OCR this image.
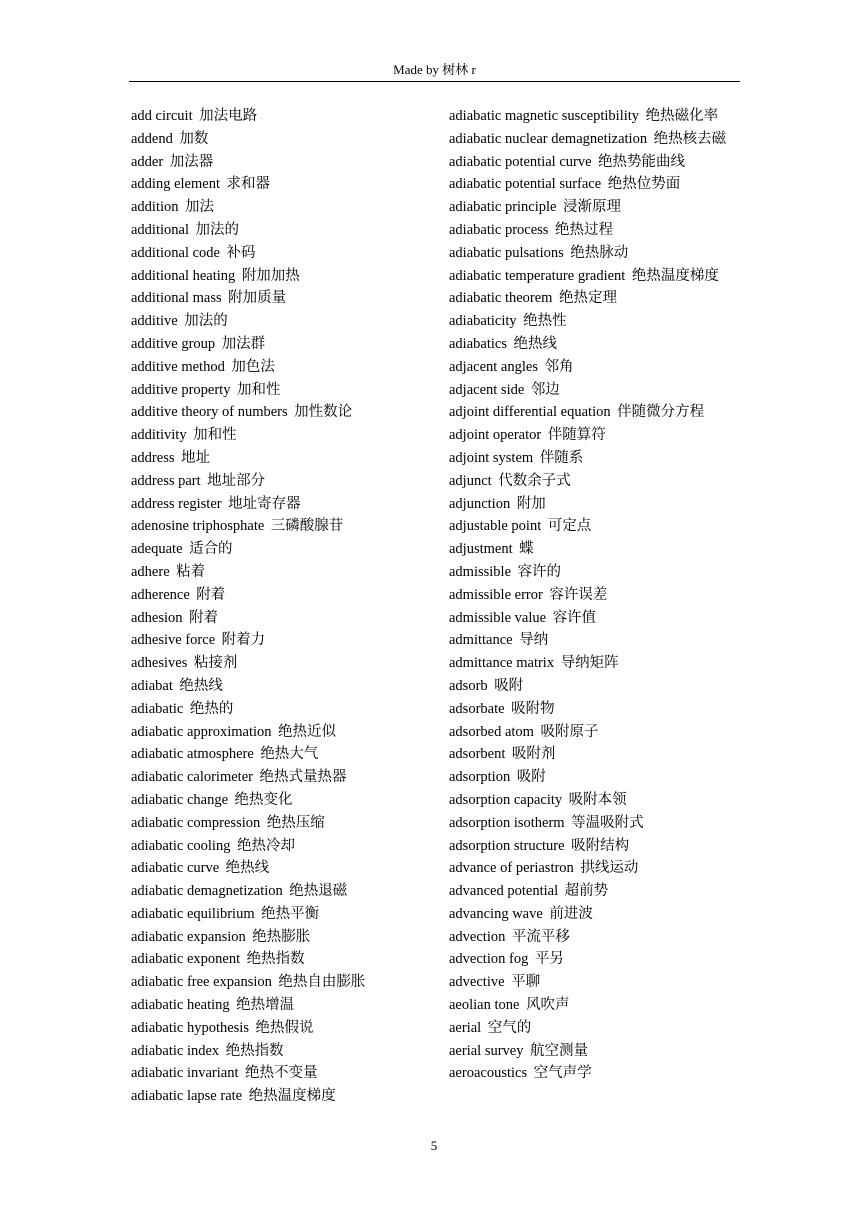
Made by 树林 r
add circuit 加法电路
addend 加数
adder 加法器
adding element 求和器
addition 加法
additional 加法的
additional code 补码
additional heating 附加加热
additional mass 附加质量
additive 加法的
additive group 加法群
additive method 加色法
additive property 加和性
additive theory of numbers 加性数论
additivity 加和性
address 地址
address part 地址部分
address register 地址寄存器
adenosine triphosphate 三磷酸腺苷
adequate 适合的
adhere 粘着
adherence 附着
adhesion 附着
adhesive force 附着力
adhesives 粘接剂
adiabat 绝热线
adiabatic 绝热的
adiabatic approximation 绝热近似
adiabatic atmosphere 绝热大气
adiabatic calorimeter 绝热式量热器
adiabatic change 绝热变化
adiabatic compression 绝热压缩
adiabatic cooling 绝热冷却
adiabatic curve 绝热线
adiabatic demagnetization 绝热退磁
adiabatic equilibrium 绝热平衡
adiabatic expansion 绝热膨胀
adiabatic exponent 绝热指数
adiabatic free expansion 绝热自由膨胀
adiabatic heating 绝热增温
adiabatic hypothesis 绝热假说
adiabatic index 绝热指数
adiabatic invariant 绝热不变量
adiabatic lapse rate 绝热温度梯度
adiabatic magnetic susceptibility 绝热磁化率
adiabatic nuclear demagnetization 绝热核去磁
adiabatic potential curve 绝热势能曲线
adiabatic potential surface 绝热位势面
adiabatic principle 浸渐原理
adiabatic process 绝热过程
adiabatic pulsations 绝热脉动
adiabatic temperature gradient 绝热温度梯度
adiabatic theorem 绝热定理
adiabaticity 绝热性
adiabatics 绝热线
adjacent angles 邻角
adjacent side 邻边
adjoint differential equation 伴随微分方程
adjoint operator 伴随算符
adjoint system 伴随系
adjunct 代数余子式
adjunction 附加
adjustable point 可定点
adjustment 蝶
admissible 容许的
admissible error 容许误差
admissible value 容许值
admittance 导纳
admittance matrix 导纳矩阵
adsorb 吸附
adsorbate 吸附物
adsorbed atom 吸附原子
adsorbent 吸附剂
adsorption 吸附
adsorption capacity 吸附本领
adsorption isotherm 等温吸附式
adsorption structure 吸附结构
advance of periastron 拱线运动
advanced potential 超前势
advancing wave 前进波
advection 平流平移
advection fog 平另
advective 平聊
aeolian tone 风吹声
aerial 空气的
aerial survey 航空测量
aeroacoustics 空气声学
5
